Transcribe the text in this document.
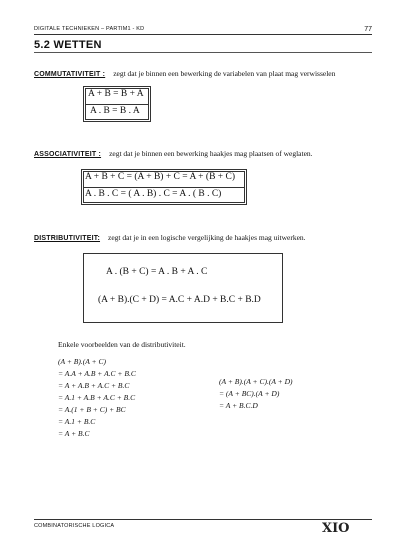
DIGITALE TECHNIEKEN – PARTIM1 - KD	77
5.2 WETTEN
COMMUTATIVITEIT : zegt dat je binnen een bewerking de variabelen van plaat mag verwisselen
A + B = B + A
A . B = B . A
ASSOCIATIVITEIT : zegt dat je binnen een bewerking haakjes mag plaatsen of weglaten.
A + B + C = (A + B) + C = A + (B + C)
A . B . C = ( A . B) . C = A . ( B . C)
DISTRIBUTIVITEIT: zegt dat je in een logische vergelijking de haakjes mag uitwerken.
A . (B + C) = A . B + A . C
(A + B).(C + D) = A.C + A.D + B.C + B.D
Enkele voorbeelden van de distributiviteit.
(A + B).(A + C)
= A.A + A.B + A.C + B.C
= A + A.B + A.C + B.C
= A.1 + A.B + A.C + B.C
= A.(1 + B + C) + BC
= A.1 + B.C
= A + B.C
(A + B).(A + C).(A + D)
= (A + BC).(A + D)
= A + B.C.D
COMBINATORISCHE LOGICA	XIO
